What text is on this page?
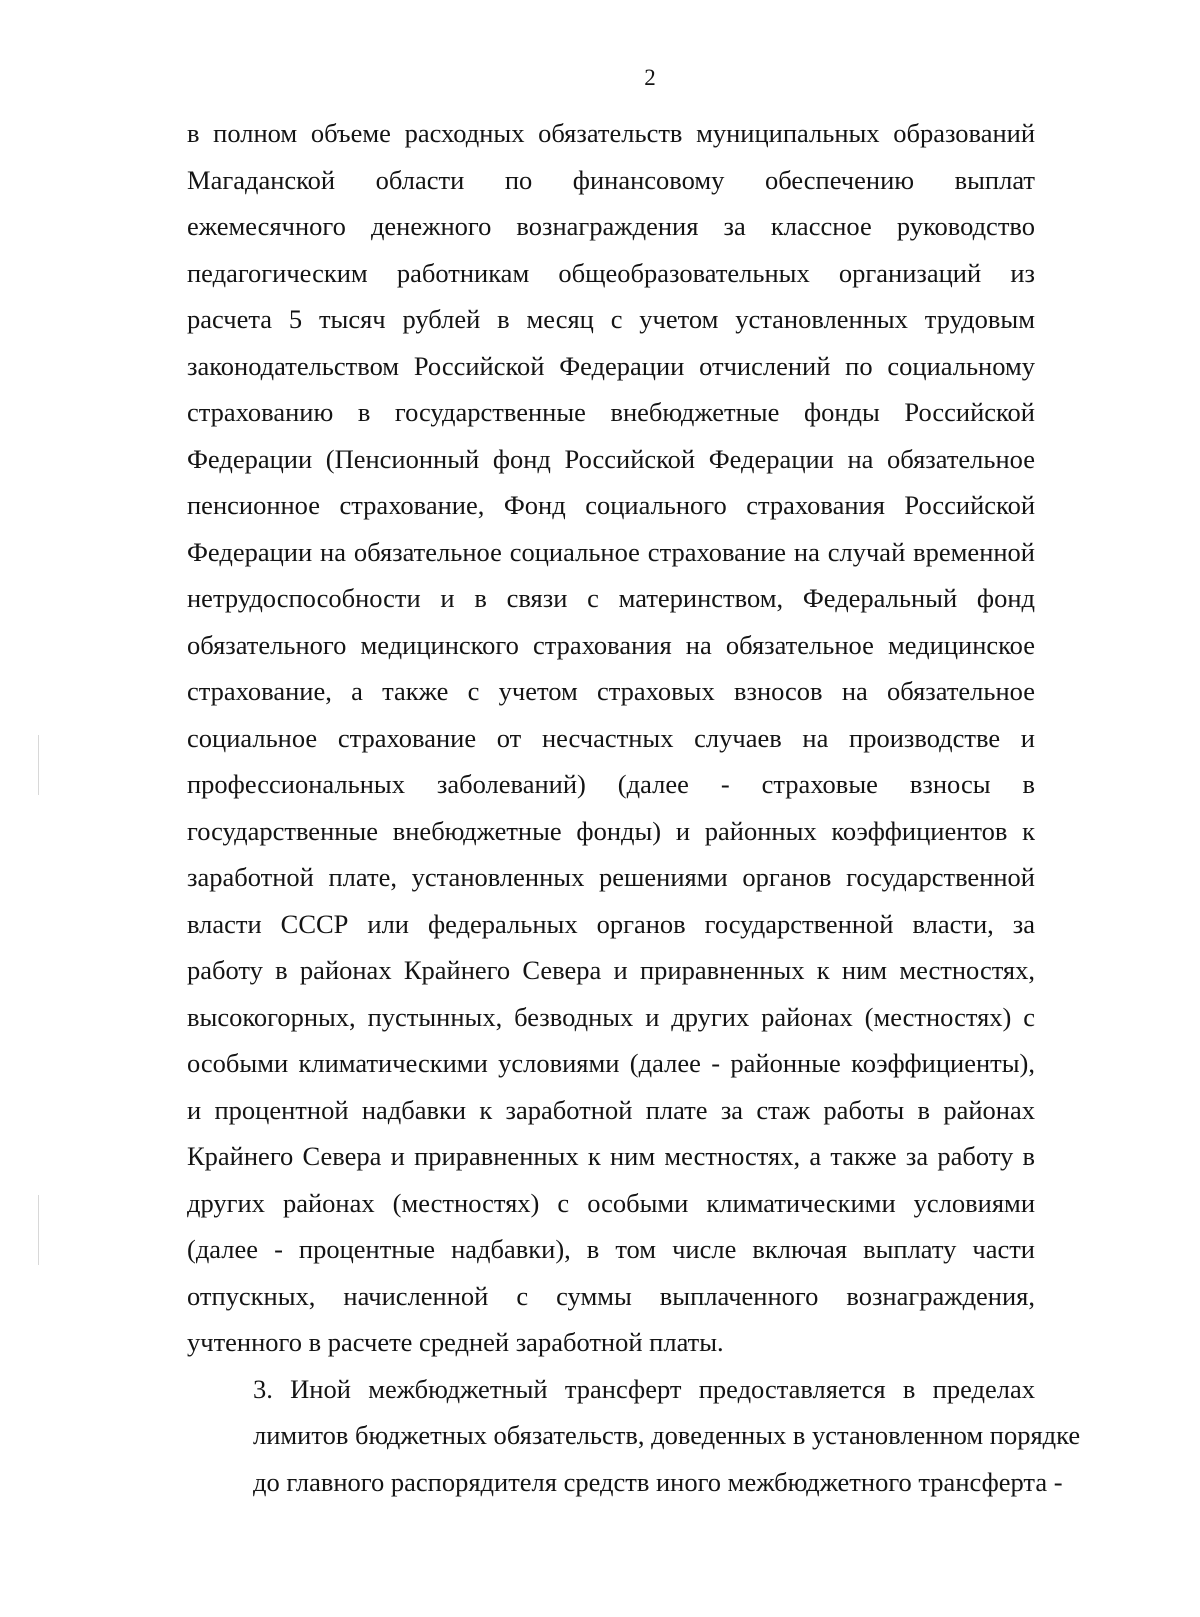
2
в полном объеме расходных обязательств муниципальных образований
Магаданской области по финансовому обеспечению выплат
ежемесячного денежного вознаграждения за классное руководство
педагогическим работникам общеобразовательных организаций из
расчета 5 тысяч рублей в месяц с учетом установленных трудовым
законодательством Российской Федерации отчислений по социальному
страхованию в государственные внебюджетные фонды Российской
Федерации (Пенсионный фонд Российской Федерации на обязательное
пенсионное страхование, Фонд социального страхования Российской
Федерации на обязательное социальное страхование на случай временной
нетрудоспособности и в связи с материнством, Федеральный фонд
обязательного медицинского страхования на обязательное медицинское
страхование, а также с учетом страховых взносов на обязательное
социальное страхование от несчастных случаев на производстве и
профессиональных заболеваний) (далее - страховые взносы в
государственные внебюджетные фонды) и районных коэффициентов к
заработной плате, установленных решениями органов государственной
власти СССР или федеральных органов государственной власти, за
работу в районах Крайнего Севера и приравненных к ним местностях,
высокогорных, пустынных, безводных и других районах (местностях) с
особыми климатическими условиями (далее - районные коэффициенты),
и процентной надбавки к заработной плате за стаж работы в районах
Крайнего Севера и приравненных к ним местностях, а также за работу в
других районах (местностях) с особыми климатическими условиями
(далее - процентные надбавки), в том числе включая выплату части
отпускных, начисленной с суммы выплаченного вознаграждения,
учтенного в расчете средней заработной платы.
3. Иной межбюджетный трансферт предоставляется в пределах
лимитов бюджетных обязательств, доведенных в установленном порядке
до главного распорядителя средств иного межбюджетного трансферта -
